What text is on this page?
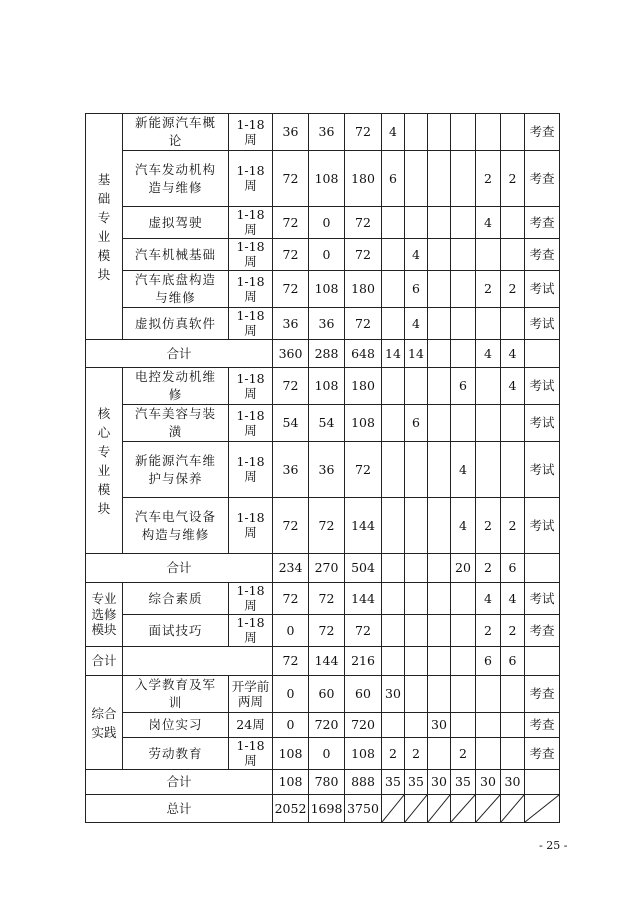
基础专业模块	新能源汽车概论	1-18周	36	36	72	4						考查
	汽车发动机构造与维修	1-18周	72	108	180	6				2	2	考查
	虚拟驾驶	1-18周	72	0	72					4		考查
	汽车机械基础	1-18周	72	0	72		4					考查
	汽车底盘构造与维修	1-18周	72	108	180		6			2	2	考试
	虚拟仿真软件	1-18周	36	36	72		4					考试
合计			360	288	648	14	14			4	4	
核心专业模块	电控发动机维修	1-18周	72	108	180				6		4	考试
	汽车美容与装潢	1-18周	54	54	108		6					考试
	新能源汽车维护与保养	1-18周	36	36	72				4			考试
	汽车电气设备构造与维修	1-18周	72	72	144				4	2	2	考试
合计			234	270	504				20	2	6	
专业选修模块	综合素质	1-18周	72	72	144					4	4	考试
	面试技巧	1-18周	0	72	72					2	2	考查
合计			72	144	216					6	6	
综合实践	入学教育及军训	开学前两周	0	60	60	30						考查
	岗位实习	24周	0	720	720			30				考查
	劳动教育	1-18周	108	0	108	2	2		2			考查
合计			108	780	888	35	35	30	35	30	30	
总计			2052	1698	3750	

- 25 -
